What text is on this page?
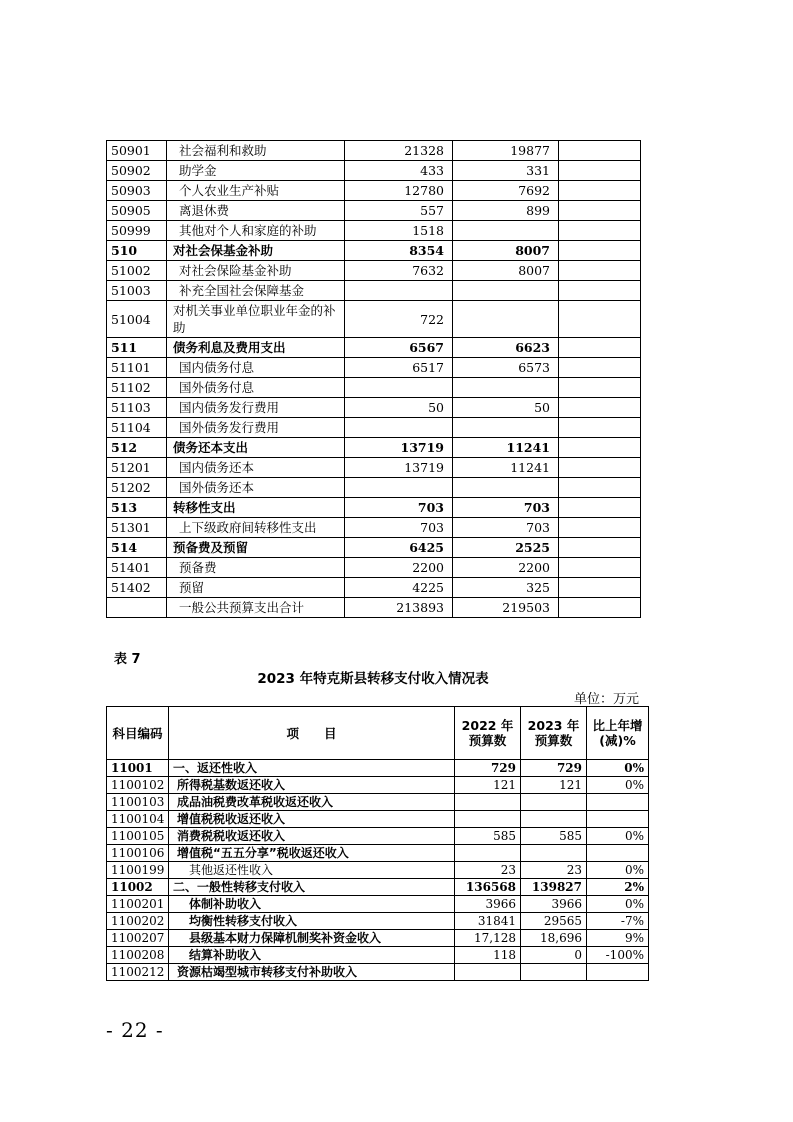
50901	社会福利和救助	21328	19877	
50902	助学金	433	331	
50903	个人农业生产补贴	12780	7692	
50905	离退休费	557	899	
50999	其他对个人和家庭的补助	1518		
510	对社会保基金补助	8354	8007	
51002	对社会保险基金补助	7632	8007	
51003	补充全国社会保障基金			
51004	对机关事业单位职业年金的补助	722		
511	债务利息及费用支出	6567	6623	
51101	国内债务付息	6517	6573	
51102	国外债务付息			
51103	国内债务发行费用	50	50	
51104	国外债务发行费用			
512	债务还本支出	13719	11241	
51201	国内债务还本	13719	11241	
51202	国外债务还本			
513	转移性支出	703	703	
51301	上下级政府间转移性支出	703	703	
514	预备费及预留	6425	2525	
51401	预备费	2200	2200	
51402	预留	4225	325	
	一般公共预算支出合计	213893	219503	
表 7
2023 年特克斯县转移支付收入情况表
单位：万元
科目编码	项　　目	2022 年预算数	2023 年预算数	比上年增(减)%
11001	一、返还性收入	729	729	0%
1100102	所得税基数返还收入	121	121	0%
1100103	成品油税费改革税收返还收入			
1100104	增值税税收返还收入			
1100105	消费税税收返还收入	585	585	0%
1100106	增值税“五五分享”税收返还收入			
1100199	其他返还性收入	23	23	0%
11002	二、一般性转移支付收入	136568	139827	2%
1100201	体制补助收入	3966	3966	0%
1100202	均衡性转移支付收入	31841	29565	-7%
1100207	县级基本财力保障机制奖补资金收入	17,128	18,696	9%
1100208	结算补助收入	118	0	-100%
1100212	资源枯竭型城市转移支付补助收入			
- 22 -
